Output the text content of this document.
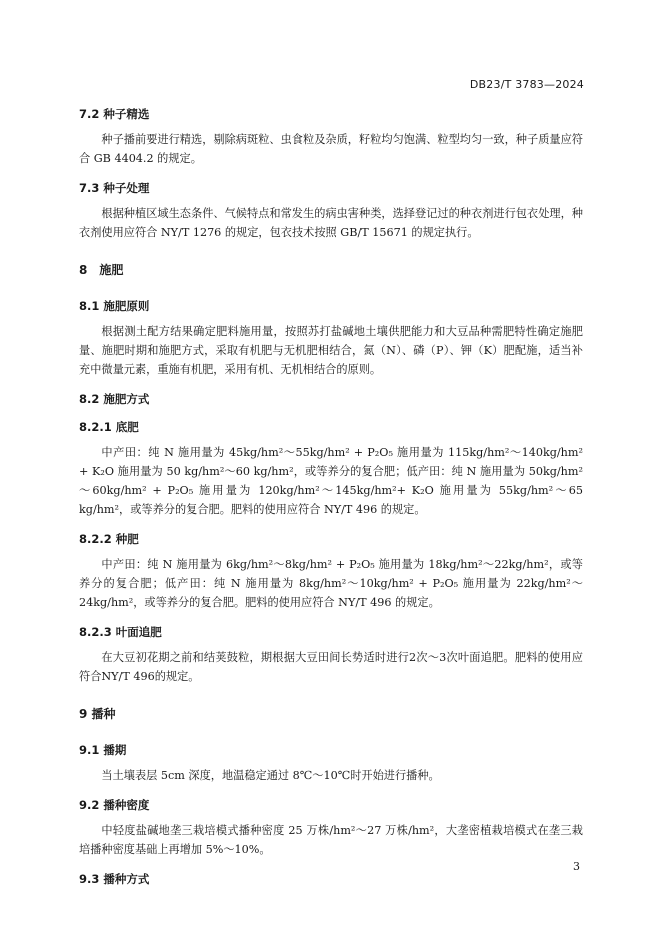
DB23/T 3783—2024

7.2 种子精选

种子播前要进行精选，剔除病斑粒、虫食粒及杂质，籽粒均匀饱满、粒型均匀一致，种子质量应符合 GB 4404.2 的规定。

7.3 种子处理

根据种植区域生态条件、气候特点和常发生的病虫害种类，选择登记过的种衣剂进行包衣处理，种衣剂使用应符合 NY/T 1276 的规定，包衣技术按照 GB/T 15671 的规定执行。

8　施肥

8.1 施肥原则

根据测土配方结果确定肥料施用量，按照苏打盐碱地土壤供肥能力和大豆品种需肥特性确定施肥量、施肥时期和施肥方式，采取有机肥与无机肥相结合，氮（N）、磷（P）、钾（K）肥配施，适当补充中微量元素，重施有机肥，采用有机、无机相结合的原则。

8.2 施肥方式

8.2.1 底肥

中产田：纯 N 施用量为 45kg/hm²～55kg/hm² + P₂O₅ 施用量为 115kg/hm²～140kg/hm² + K₂O 施用量为 50 kg/hm²～60 kg/hm²，或等养分的复合肥；低产田：纯 N 施用量为 50kg/hm²～60kg/hm² + P₂O₅ 施用量为 120kg/hm²～145kg/hm²+ K₂O 施用量为 55kg/hm²～65 kg/hm²，或等养分的复合肥。肥料的使用应符合 NY/T 496 的规定。

8.2.2 种肥

中产田：纯 N 施用量为 6kg/hm²～8kg/hm² + P₂O₅ 施用量为 18kg/hm²～22kg/hm²，或等养分的复合肥；低产田：纯 N 施用量为 8kg/hm²～10kg/hm² + P₂O₅ 施用量为 22kg/hm²～24kg/hm²，或等养分的复合肥。肥料的使用应符合 NY/T 496 的规定。

8.2.3 叶面追肥

在大豆初花期之前和结荚鼓粒，期根据大豆田间长势适时进行2次～3次叶面追肥。肥料的使用应符合NY/T 496的规定。

9 播种

9.1 播期

当土壤表层 5cm 深度，地温稳定通过 8℃～10℃时开始进行播种。

9.2 播种密度

中轻度盐碱地垄三栽培模式播种密度 25 万株/hm²～27 万株/hm²，大垄密植栽培模式在垄三栽培播种密度基础上再增加 5%～10%。

9.3 播种方式

3
